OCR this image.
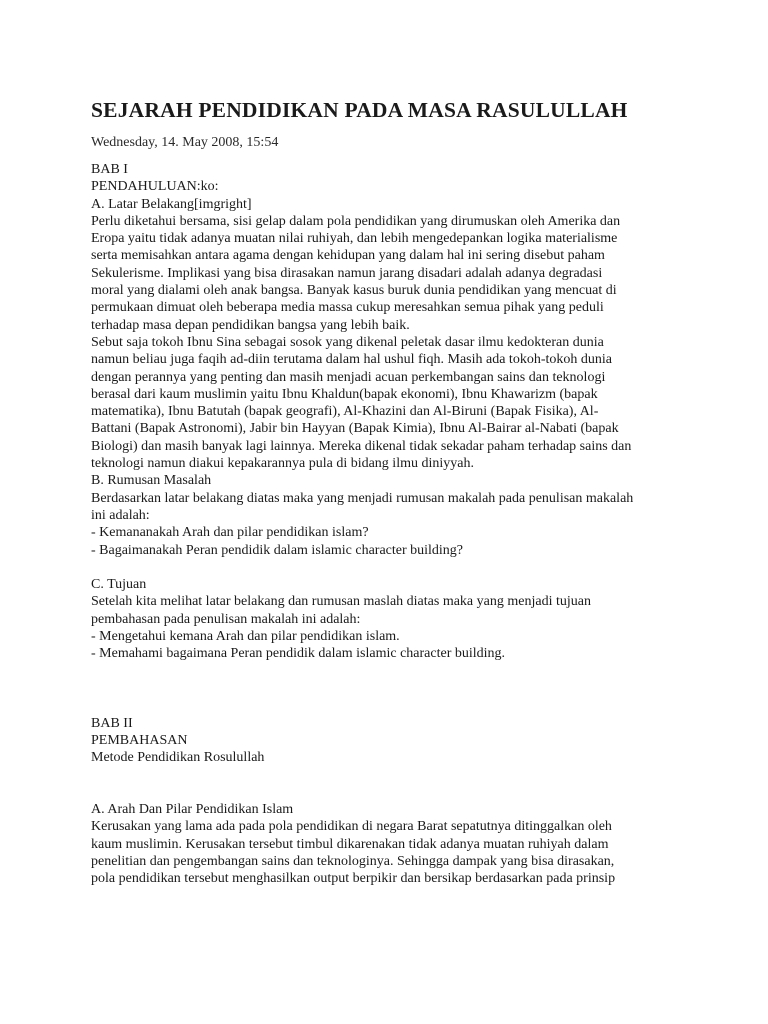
SEJARAH PENDIDIKAN PADA MASA RASULULLAH
Wednesday, 14. May 2008, 15:54
BAB I
PENDAHULUAN:ko:
A. Latar Belakang[imgright]
Perlu diketahui bersama, sisi gelap dalam pola pendidikan yang dirumuskan oleh Amerika dan
Eropa yaitu tidak adanya muatan nilai ruhiyah, dan lebih mengedepankan logika materialisme
serta memisahkan antara agama dengan kehidupan yang dalam hal ini sering disebut paham
Sekulerisme. Implikasi yang bisa dirasakan namun jarang disadari adalah adanya degradasi
moral yang dialami oleh anak bangsa. Banyak kasus buruk dunia pendidikan yang mencuat di
permukaan dimuat oleh beberapa media massa cukup meresahkan semua pihak yang peduli
terhadap masa depan pendidikan bangsa yang lebih baik.
Sebut saja tokoh Ibnu Sina sebagai sosok yang dikenal peletak dasar ilmu kedokteran dunia
namun beliau juga faqih ad-diin terutama dalam hal ushul fiqh. Masih ada tokoh-tokoh dunia
dengan perannya yang penting dan masih menjadi acuan perkembangan sains dan teknologi
berasal dari kaum muslimin yaitu Ibnu Khaldun(bapak ekonomi), Ibnu Khawarizm (bapak
matematika), Ibnu Batutah (bapak geografi), Al-Khazini dan Al-Biruni (Bapak Fisika), Al-
Battani (Bapak Astronomi), Jabir bin Hayyan (Bapak Kimia), Ibnu Al-Bairar al-Nabati (bapak
Biologi) dan masih banyak lagi lainnya. Mereka dikenal tidak sekadar paham terhadap sains dan
teknologi namun diakui kepakarannya pula di bidang ilmu diniyyah.
B. Rumusan Masalah
Berdasarkan latar belakang diatas maka yang menjadi rumusan makalah pada penulisan makalah
ini adalah:
- Kemananakah Arah dan pilar pendidikan islam?
- Bagaimanakah Peran pendidik dalam islamic character building?
C. Tujuan
Setelah kita melihat latar belakang dan rumusan maslah diatas maka yang menjadi tujuan
pembahasan pada penulisan makalah ini adalah:
- Mengetahui kemana Arah dan pilar pendidikan islam.
- Memahami bagaimana Peran pendidik dalam islamic character building.
BAB II
PEMBAHASAN
Metode Pendidikan Rosulullah
A. Arah Dan Pilar Pendidikan Islam
Kerusakan yang lama ada pada pola pendidikan di negara Barat sepatutnya ditinggalkan oleh
kaum muslimin. Kerusakan tersebut timbul dikarenakan tidak adanya muatan ruhiyah dalam
penelitian dan pengembangan sains dan teknologinya. Sehingga dampak yang bisa dirasakan,
pola pendidikan tersebut menghasilkan output berpikir dan bersikap berdasarkan pada prinsip
